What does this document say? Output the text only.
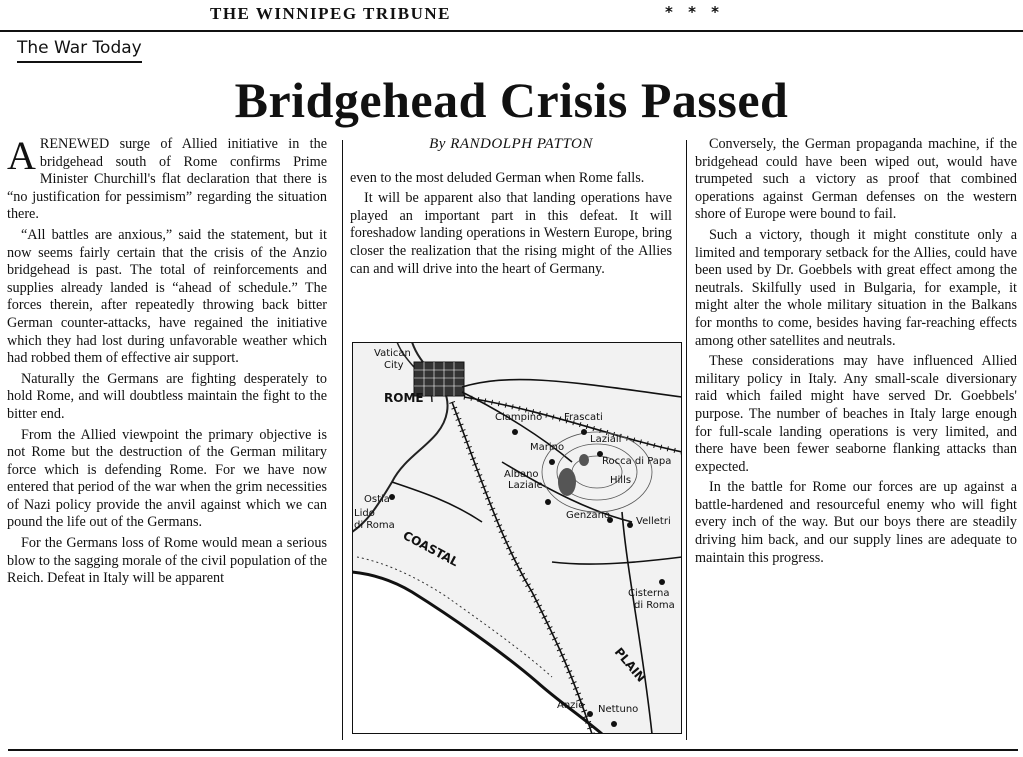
THE WINNIPEG TRIBUNE	* * *
The War Today
Bridgehead Crisis Passed

ARENEWED surge of Allied initiative in the bridgehead south of Rome confirms Prime Minister Churchill's flat declaration that there is “no justification for pessimism” regarding the situation there.

“All battles are anxious,” said the statement, but it now seems fairly certain that the crisis of the Anzio bridgehead is past. The total of reinforcements and supplies already landed is “ahead of schedule.” The forces therein, after repeatedly throwing back bitter German counter-attacks, have regained the initiative which they had lost during unfavorable weather which had robbed them of effective air support.

Naturally the Germans are fighting desperately to hold Rome, and will doubtless maintain the fight to the bitter end.

From the Allied viewpoint the primary objective is not Rome but the destruction of the German military force which is defending Rome. For we have now entered that period of the war when the grim necessities of Nazi policy provide the anvil against which we can pound the life out of the Germans.

For the Germans loss of Rome would mean a serious blow to the sagging morale of the civil population of the Reich. Defeat in Italy will be apparent

By RANDOLPH PATTON

even to the most deluded German when Rome falls.

It will be apparent also that landing operations have played an important part in this defeat. It will foreshadow landing operations in Western Europe, bring closer the realization that the rising might of the Allies can and will drive into the heart of Germany.

Vatican
City
ROME
Ciampino Frascati
Marino
Laziali
Rocca di Papa
Hills
Albano
Laziale
Ostia
Lido
di Roma
Genzano
Velletri
COASTAL
Cisterna
di Roma
PLAIN
Anzio Nettuno

Conversely, the German propaganda machine, if the bridgehead could have been wiped out, would have trumpeted such a victory as proof that combined operations against German defenses on the western shore of Europe were bound to fail.

Such a victory, though it might constitute only a limited and temporary setback for the Allies, could have been used by Dr. Goebbels with great effect among the neutrals. Skilfully used in Bulgaria, for example, it might alter the whole military situation in the Balkans for months to come, besides having far-reaching effects among other satellites and neutrals.

These considerations may have influenced Allied military policy in Italy. Any small-scale diversionary raid which failed might have served Dr. Goebbels' purpose. The number of beaches in Italy large enough for full-scale landing operations is very limited, and there have been fewer seaborne flanking attacks than expected.

In the battle for Rome our forces are up against a battle-hardened and resourceful enemy who will fight every inch of the way. But our boys there are steadily driving him back, and our supply lines are adequate to maintain this progress.
